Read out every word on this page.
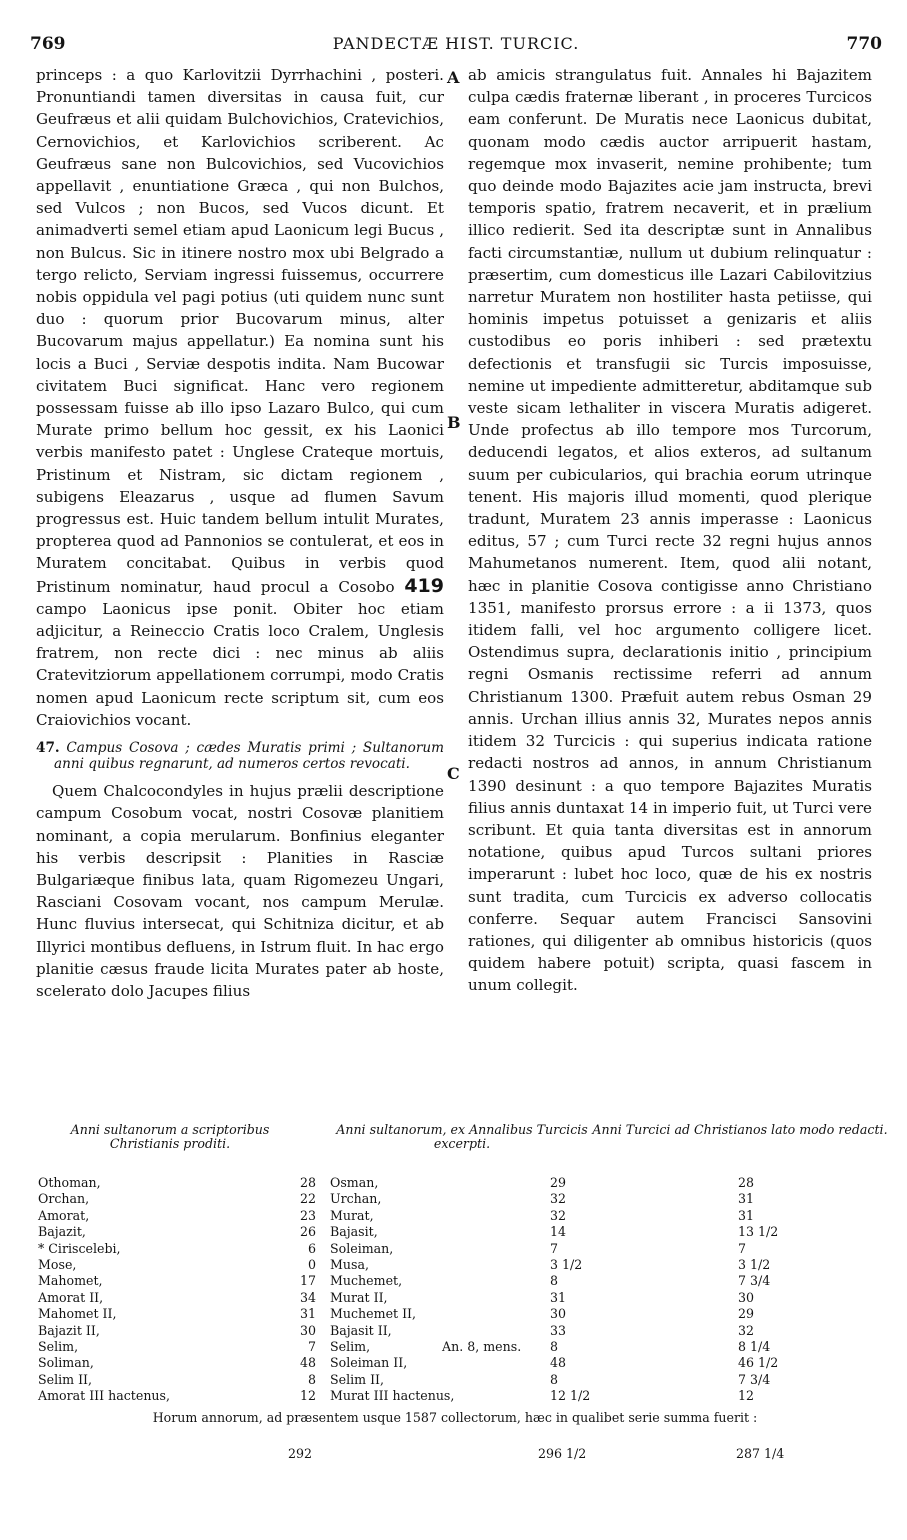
769	PANDECTÆ HIST. TURCIC.	770
A
B
C

princeps : a quo Karlovitzii Dyrrhachini , posteri. Pronuntiandi tamen diversitas in causa fuit, cur Geufræus et alii quidam Bulchovichios, Cratevichios, Cernovichios, et Karlovichios scriberent. Ac Geufræus sane non Bulcovichios, sed Vucovichios appellavit , enuntiatione Græca , qui non Bulchos, sed Vulcos ; non Bucos, sed Vucos dicunt. Et animadverti semel etiam apud Laonicum legi Bucus , non Bulcus. Sic in itinere nostro mox ubi Belgrado a tergo relicto, Serviam ingressi fuissemus, occurrere nobis oppidula vel pagi potius (uti quidem nunc sunt duo : quorum prior Bucovarum minus, alter Bucovarum majus appellatur.) Ea nomina sunt his locis a Buci , Serviæ despotis indita. Nam Bucowar civitatem Buci significat. Hanc vero regionem possessam fuisse ab illo ipso Lazaro Bulco, qui cum Murate primo bellum hoc gessit, ex his Laonici verbis manifesto patet : Unglese Crateque mortuis, Pristinum et Nistram, sic dictam regionem , subigens Eleazarus , usque ad flumen Savum progressus est. Huic tandem bellum intulit Murates, propterea quod ad Pannonios se contulerat, et eos in Muratem concitabat. Quibus in verbis quod Pristinum nominatur, haud procul a Cosobo 419 campo Laonicus ipse ponit. Obiter hoc etiam adjicitur, a Reineccio Cratis loco Cralem, Unglesis fratrem, non recte dici : nec minus ab aliis Cratevitziorum appellationem corrumpi, modo Cratis nomen apud Laonicum recte scriptum sit, cum eos Craiovichios vocant.

47. Campus Cosova ; cædes Muratis primi ; Sultanorum anni quibus regnarunt, ad numeros certos revocati.

Quem Chalcocondyles in hujus prælii descriptione campum Cosobum vocat, nostri Cosovæ planitiem nominant, a copia merularum. Bonfinius eleganter his verbis descripsit : Planities in Rasciæ Bulgariæque finibus lata, quam Rigomezeu Ungari, Rasciani Cosovam vocant, nos campum Merulæ. Hunc fluvius intersecat, qui Schitniza dicitur, et ab Illyrici montibus defluens, in Istrum fluit. In hac ergo planitie cæsus fraude licita Murates pater ab hoste, scelerato dolo Jacupes filius

ab amicis strangulatus fuit. Annales hi Bajazitem culpa cædis fraternæ liberant , in proceres Turcicos eam conferunt. De Muratis nece Laonicus dubitat, quonam modo cædis auctor arripuerit hastam, regemque mox invaserit, nemine prohibente; tum quo deinde modo Bajazites acie jam instructa, brevi temporis spatio, fratrem necaverit, et in prælium illico redierit. Sed ita descriptæ sunt in Annalibus facti circumstantiæ, nullum ut dubium relinquatur : præsertim, cum domesticus ille Lazari Cabilovitzius narretur Muratem non hostiliter hasta petiisse, qui hominis impetus potuisset a genizaris et aliis custodibus eo poris inhiberi : sed prætextu defectionis et transfugii sic Turcis imposuisse, nemine ut impediente admitteretur, abditamque sub veste sicam lethaliter in viscera Muratis adigeret. Unde profectus ab illo tempore mos Turcorum, deducendi legatos, et alios exteros, ad sultanum suum per cubicularios, qui brachia eorum utrinque tenent. His majoris illud momenti, quod plerique tradunt, Muratem 23 annis imperasse : Laonicus editus, 57 ; cum Turci recte 32 regni hujus annos Mahumetanos numerent. Item, quod alii notant, hæc in planitie Cosova contigisse anno Christiano 1351, manifesto prorsus errore : a ii 1373, quos itidem falli, vel hoc argumento colligere licet. Ostendimus supra, declarationis initio , principium regni Osmanis rectissime referri ad annum Christianum 1300. Præfuit autem rebus Osman 29 annis. Urchan illius annis 32, Murates nepos annis itidem 32 Turcicis : qui superius indicata ratione redacti nostros ad annos, in annum Christianum 1390 desinunt : a quo tempore Bajazites Muratis filius annis duntaxat 14 in imperio fuit, ut Turci vere scribunt. Et quia tanta diversitas est in annorum notatione, quibus apud Turcos sultani priores imperarunt : lubet hoc loco, quæ de his ex nostris sunt tradita, cum Turcicis ex adverso collocatis conferre. Sequar autem Francisci Sansovini rationes, qui diligenter ab omnibus historicis (quos quidem habere potuit) scripta, quasi fascem in unum collegit.

Anni sultanorum a scriptoribus Christianis proditi.
Anni sultanorum, ex Annalibus Turcicis excerpti.
Anni Turcici ad Christianos lato modo redacti.
Othoman,	28 Osman,	29	28
Orchan,	22 Urchan,	32	31
Amorat,	23 Murat,	32	31
Bajazit,	26 Bajasit,	14	13 1/2
* Ciriscelebi,	6 Soleiman,	7	7
Mose,	0 Musa,	3 1/2	3 1/2
Mahomet,	17 Muchemet,	8	7 3/4
Amorat II,	34 Murat II,	31	30
Mahomet II,	31 Muchemet II,	30	29
Bajazit II,	30 Bajasit II,	33	32
Selim,	7 Selim,	An. 8, mens. 8	8 1/4
Soliman,	48 Soleiman II,	48	46 1/2
Selim II,	8 Selim II,	8	7 3/4
Amorat III hactenus,	12 Murat III hactenus,	12 1/2	12
Horum annorum, ad præsentem usque 1587 collectorum, hæc in qualibet serie summa fuerit :
292	296 1/2	287 1/4
